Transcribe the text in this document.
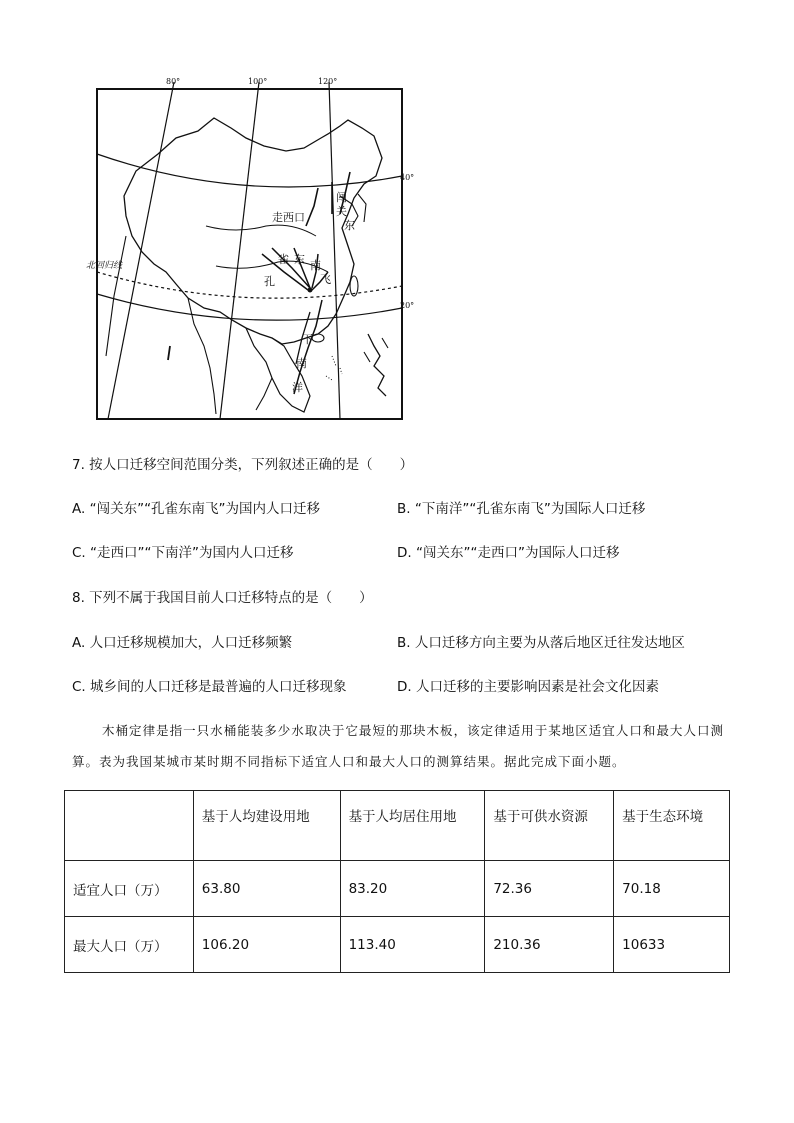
80°	100°	120°
40°
20°
北回归线
闯
关
东
走西口
孔
雀 东 南
飞
下
南
洋
7. 按人口迁移空间范围分类，下列叙述正确的是（　　）
A. “闯关东”“孔雀东南飞”为国内人口迁移	B. “下南洋”“孔雀东南飞”为国际人口迁移
C. “走西口”“下南洋”为国内人口迁移	D. “闯关东”“走西口”为国际人口迁移
8. 下列不属于我国目前人口迁移特点的是（　　）
A. 人口迁移规模加大，人口迁移频繁	B. 人口迁移方向主要为从落后地区迁往发达地区
C. 城乡间的人口迁移是最普遍的人口迁移现象	D. 人口迁移的主要影响因素是社会文化因素
木桶定律是指一只水桶能装多少水取决于它最短的那块木板，该定律适用于某地区适宜人口和最大人口测算。表为我国某城市某时期不同指标下适宜人口和最大人口的测算结果。据此完成下面小题。
	基于人均建设用地	基于人均居住用地	基于可供水资源	基于生态环境
适宜人口（万）	63.80	83.20	72.36	70.18
最大人口（万）	106.20	113.40	210.36	10633
